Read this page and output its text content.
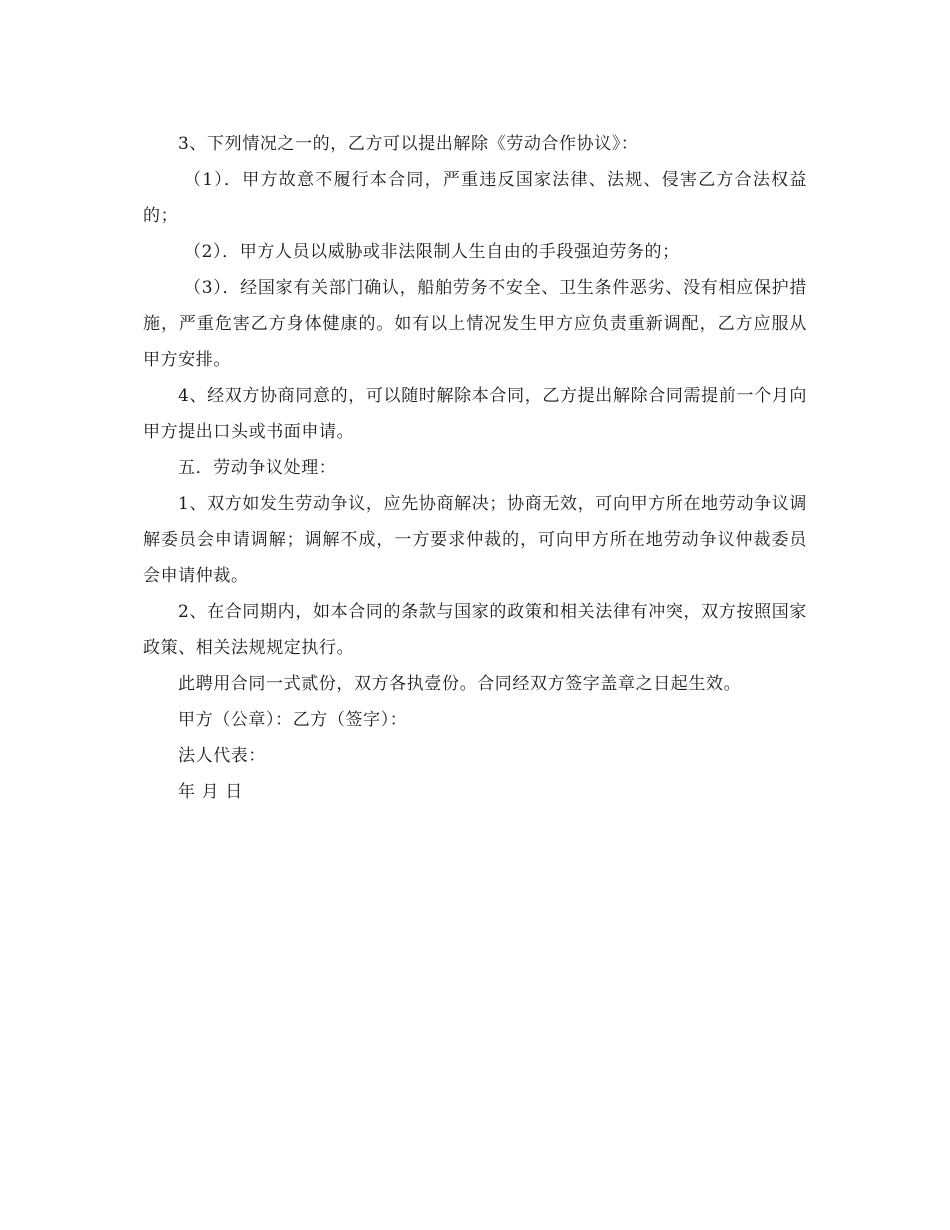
3、下列情况之一的，乙方可以提出解除《劳动合作协议》：

（1）．甲方故意不履行本合同，严重违反国家法律、法规、侵害乙方合法权益的；

（2）．甲方人员以威胁或非法限制人生自由的手段强迫劳务的；

（3）．经国家有关部门确认，船舶劳务不安全、卫生条件恶劣、没有相应保护措施，严重危害乙方身体健康的。如有以上情况发生甲方应负责重新调配，乙方应服从甲方安排。

4、经双方协商同意的，可以随时解除本合同，乙方提出解除合同需提前一个月向甲方提出口头或书面申请。

五．劳动争议处理：

1、双方如发生劳动争议，应先协商解决；协商无效，可向甲方所在地劳动争议调解委员会申请调解；调解不成，一方要求仲裁的，可向甲方所在地劳动争议仲裁委员会申请仲裁。

2、在合同期内，如本合同的条款与国家的政策和相关法律有冲突，双方按照国家政策、相关法规规定执行。

此聘用合同一式贰份，双方各执壹份。合同经双方签字盖章之日起生效。

甲方（公章）：乙方（签字）：

法人代表：

年 月 日
